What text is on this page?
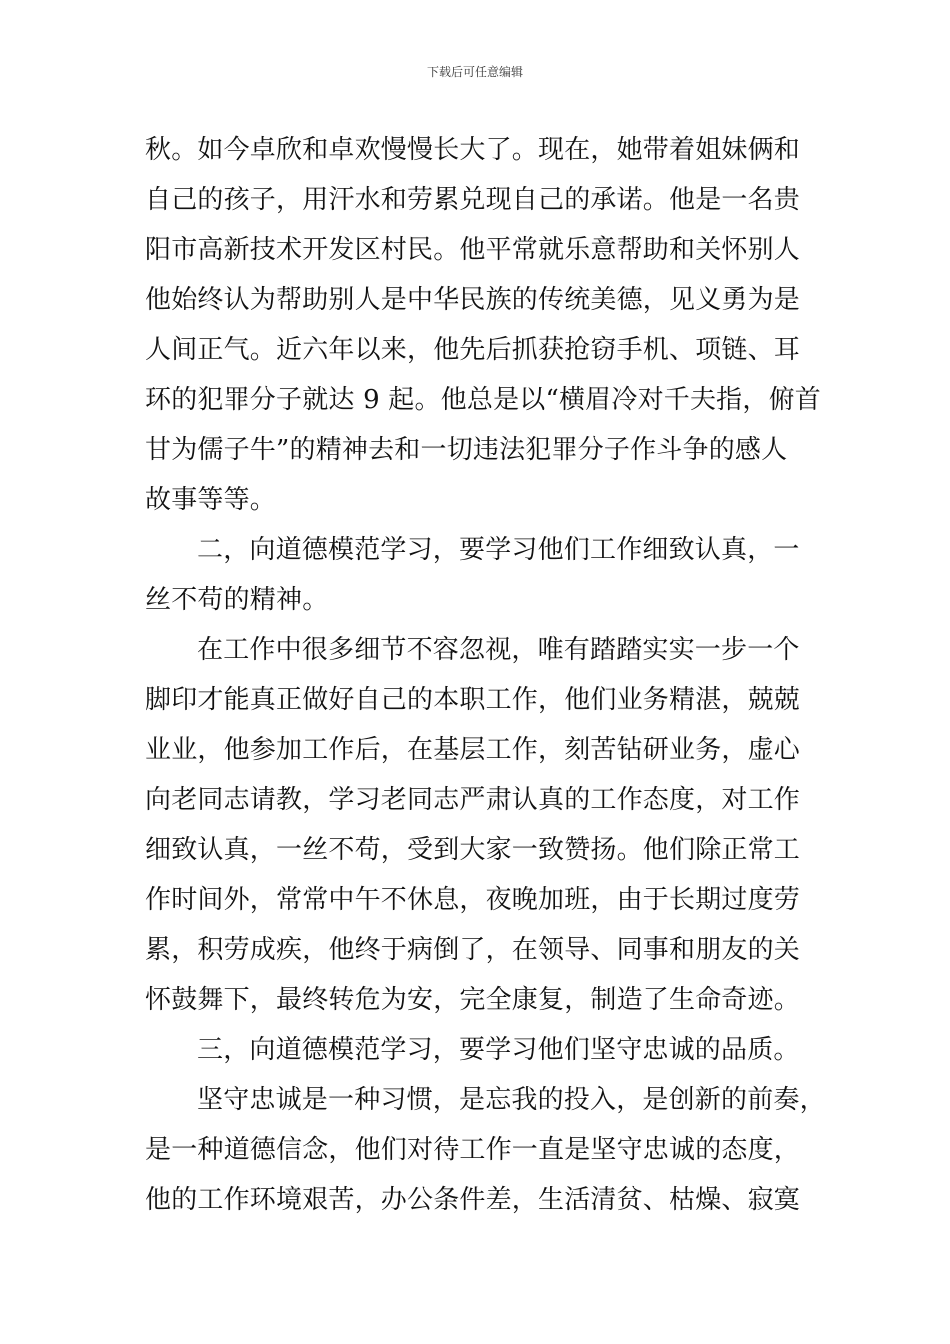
下载后可任意编辑
秋。如今卓欣和卓欢慢慢长大了。现在，她带着姐妹俩和
自己的孩子，用汗水和劳累兑现自己的承诺。他是一名贵
阳市高新技术开发区村民。他平常就乐意帮助和关怀别人
他始终认为帮助别人是中华民族的传统美德，见义勇为是
人间正气。近六年以来，他先后抓获抢窃手机、项链、耳
环的犯罪分子就达 9 起。他总是以“横眉冷对千夫指，俯首
甘为儒子牛”的精神去和一切违法犯罪分子作斗争的感人
故事等等。
二，向道德模范学习，要学习他们工作细致认真，一
丝不苟的精神。
在工作中很多细节不容忽视，唯有踏踏实实一步一个
脚印才能真正做好自己的本职工作，他们业务精湛，兢兢
业业，他参加工作后，在基层工作，刻苦钻研业务，虚心
向老同志请教，学习老同志严肃认真的工作态度，对工作
细致认真，一丝不苟，受到大家一致赞扬。他们除正常工
作时间外，常常中午不休息，夜晚加班，由于长期过度劳
累，积劳成疾，他终于病倒了，在领导、同事和朋友的关
怀鼓舞下，最终转危为安，完全康复，制造了生命奇迹。
三，向道德模范学习，要学习他们坚守忠诚的品质。
坚守忠诚是一种习惯，是忘我的投入，是创新的前奏，
是一种道德信念，他们对待工作一直是坚守忠诚的态度，
他的工作环境艰苦，办公条件差，生活清贫、枯燥、寂寞
